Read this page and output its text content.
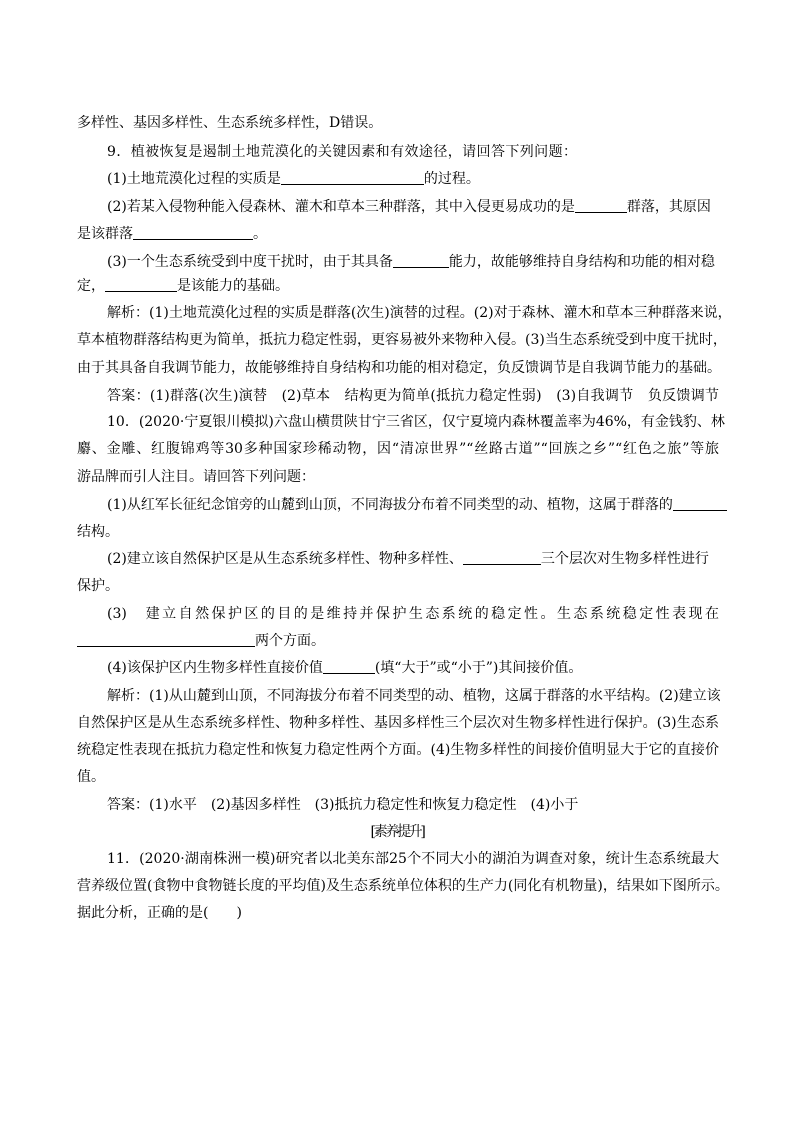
多样性、基因多样性、生态系统多样性，D错误。
9．植被恢复是遏制土地荒漠化的关键因素和有效途径，请回答下列问题：
(1)土地荒漠化过程的实质是	的过程。
(2)若某入侵物种能入侵森林、灌木和草本三种群落，其中入侵更易成功的是	群落，其原因
是该群落	。
(3)一个生态系统受到中度干扰时，由于其具备	能力，故能够维持自身结构和功能的相对稳
定，	是该能力的基础。
解析：(1)土地荒漠化过程的实质是群落(次生)演替的过程。(2)对于森林、灌木和草本三种群落来说，
草本植物群落结构更为简单，抵抗力稳定性弱，更容易被外来物种入侵。(3)当生态系统受到中度干扰时，
由于其具备自我调节能力，故能够维持自身结构和功能的相对稳定，负反馈调节是自我调节能力的基础。
答案：(1)群落(次生)演替　(2)草本　结构更为简单(抵抗力稳定性弱)　(3)自我调节　负反馈调节
10．(2020·宁夏银川模拟)六盘山横贯陕甘宁三省区，仅宁夏境内森林覆盖率为46%，有金钱豹、林
麝、金雕、红腹锦鸡等30多种国家珍稀动物，因“清凉世界”“丝路古道”“回族之乡”“红色之旅”等旅
游品牌而引人注目。请回答下列问题：
(1)从红军长征纪念馆旁的山麓到山顶，不同海拔分布着不同类型的动、植物，这属于群落的
结构。
(2)建立该自然保护区是从生态系统多样性、物种多样性、	三个层次对生物多样性进行
保护。
(3)　建立自然保护区的目的是维持并保护生态系统的稳定性。生态系统稳定性表现在
两个方面。
(4)该保护区内生物多样性直接价值	(填“大于”或“小于”)其间接价值。
解析：(1)从山麓到山顶，不同海拔分布着不同类型的动、植物，这属于群落的水平结构。(2)建立该
自然保护区是从生态系统多样性、物种多样性、基因多样性三个层次对生物多样性进行保护。(3)生态系
统稳定性表现在抵抗力稳定性和恢复力稳定性两个方面。(4)生物多样性的间接价值明显大于它的直接价
值。
答案：(1)水平　(2)基因多样性　(3)抵抗力稳定性和恢复力稳定性　(4)小于
[素养提升]
11．(2020·湖南株洲一模)研究者以北美东部25个不同大小的湖泊为调查对象，统计生态系统最大
营养级位置(食物中食物链长度的平均值)及生态系统单位体积的生产力(同化有机物量)，结果如下图所示。
据此分析，正确的是(　　)
